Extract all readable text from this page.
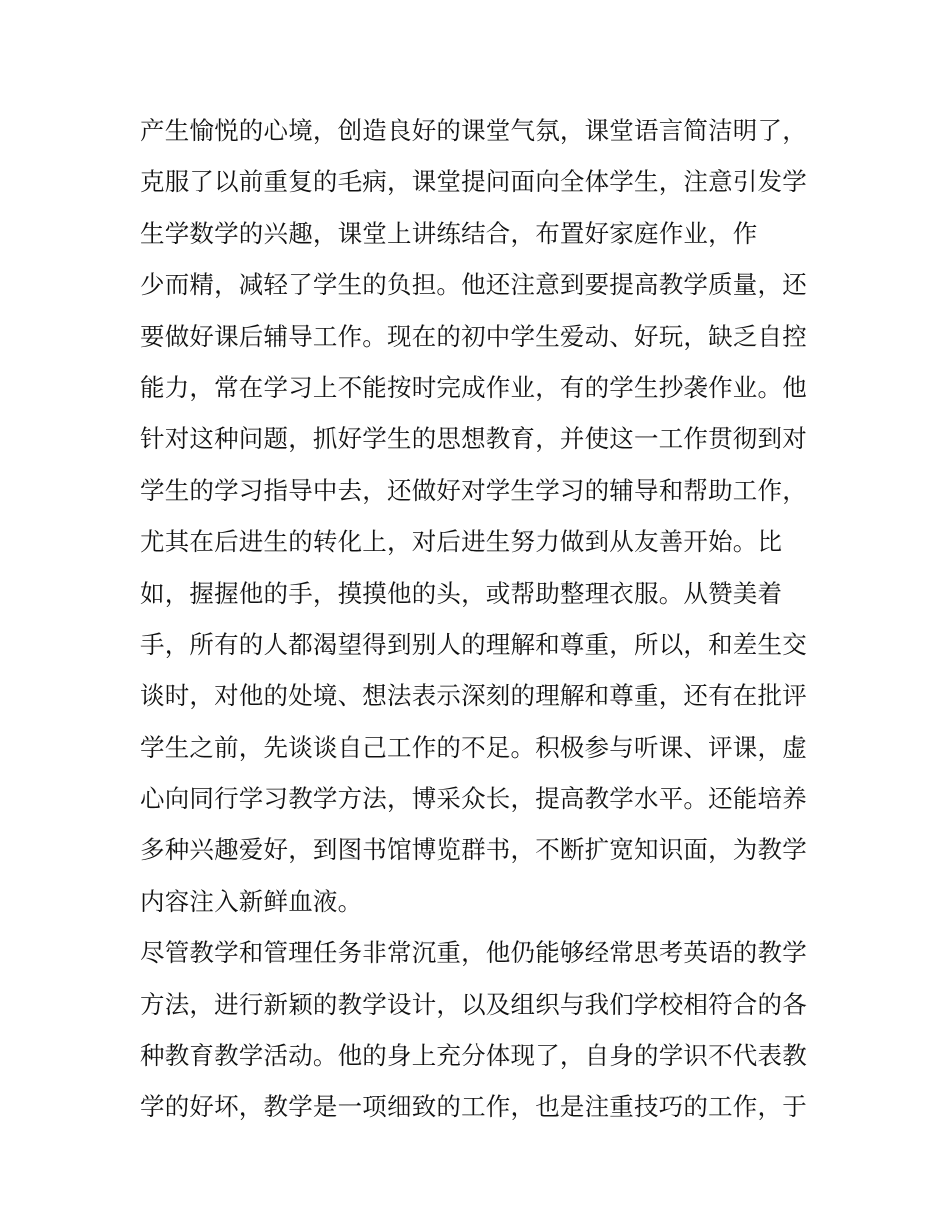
产生愉悦的心境，创造良好的课堂气氛，课堂语言简洁明了，
克服了以前重复的毛病，课堂提问面向全体学生，注意引发学
生学数学的兴趣，课堂上讲练结合，布置好家庭作业，作
少而精，减轻了学生的负担。他还注意到要提高教学质量，还
要做好课后辅导工作。现在的初中学生爱动、好玩，缺乏自控
能力，常在学习上不能按时完成作业，有的学生抄袭作业。他
针对这种问题，抓好学生的思想教育，并使这一工作贯彻到对
学生的学习指导中去，还做好对学生学习的辅导和帮助工作，
尤其在后进生的转化上，对后进生努力做到从友善开始。比
如，握握他的手，摸摸他的头，或帮助整理衣服。从赞美着
手，所有的人都渴望得到别人的理解和尊重，所以，和差生交
谈时，对他的处境、想法表示深刻的理解和尊重，还有在批评
学生之前，先谈谈自己工作的不足。积极参与听课、评课，虚
心向同行学习教学方法，博采众长，提高教学水平。还能培养
多种兴趣爱好，到图书馆博览群书，不断扩宽知识面，为教学
内容注入新鲜血液。
尽管教学和管理任务非常沉重，他仍能够经常思考英语的教学
方法，进行新颖的教学设计，以及组织与我们学校相符合的各
种教育教学活动。他的身上充分体现了，自身的学识不代表教
学的好坏，教学是一项细致的工作，也是注重技巧的工作，于
